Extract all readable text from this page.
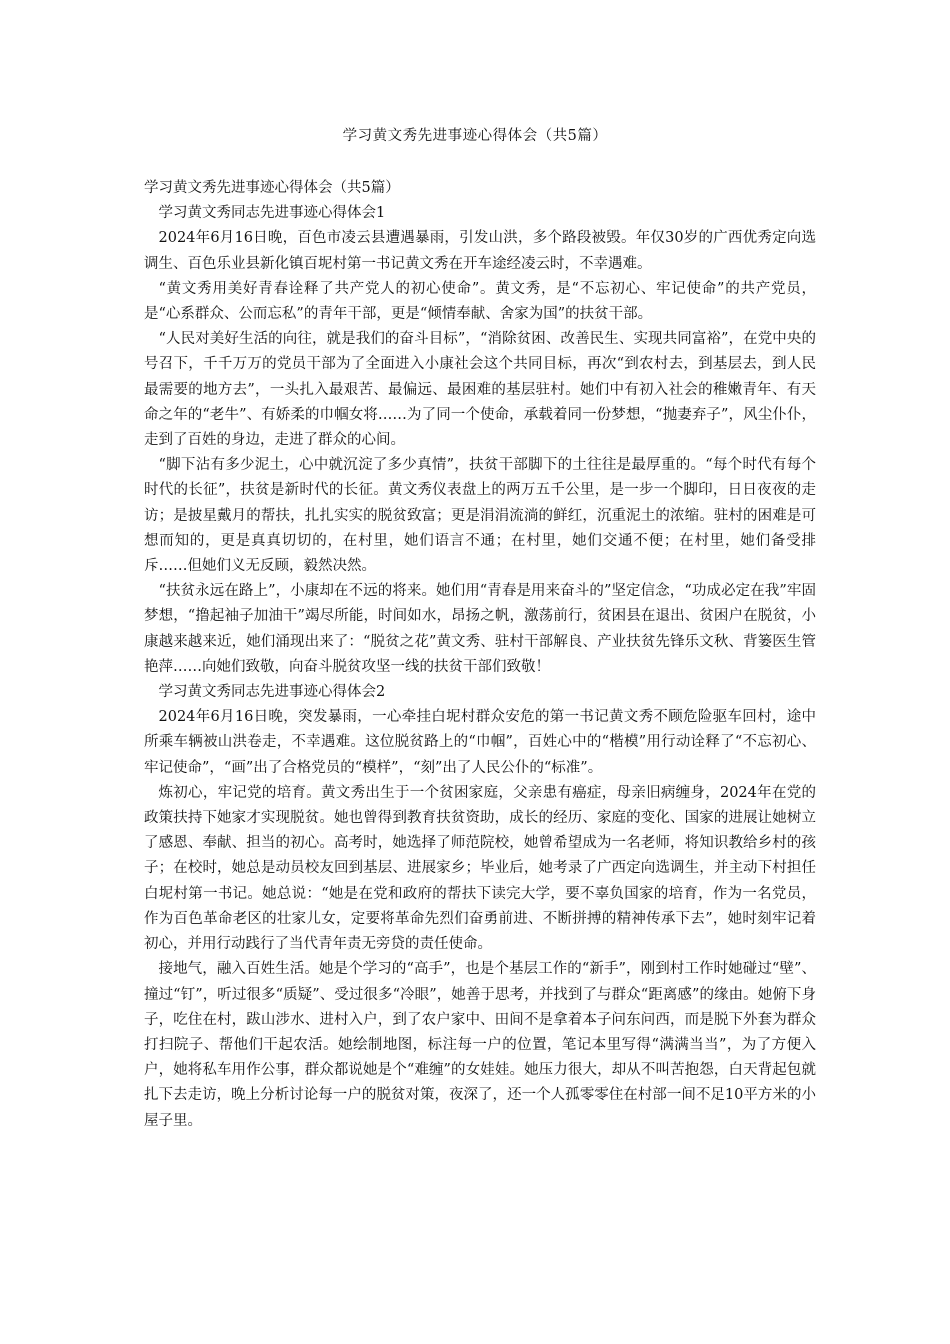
学习黄文秀先进事迹心得体会（共5篇）

学习黄文秀先进事迹心得体会（共5篇）

学习黄文秀同志先进事迹心得体会1

2024年6月16日晚，百色市凌云县遭遇暴雨，引发山洪，多个路段被毁。年仅30岁的广西优秀定向选调生、百色乐业县新化镇百坭村第一书记黄文秀在开车途经凌云时，不幸遇难。

“黄文秀用美好青春诠释了共产党人的初心使命”。黄文秀，是“不忘初心、牢记使命”的共产党员，是“心系群众、公而忘私”的青年干部，更是“倾情奉献、舍家为国”的扶贫干部。

“人民对美好生活的向往，就是我们的奋斗目标”，“消除贫困、改善民生、实现共同富裕”，在党中央的号召下，千千万万的党员干部为了全面进入小康社会这个共同目标，再次“到农村去，到基层去，到人民最需要的地方去”，一头扎入最艰苦、最偏远、最困难的基层驻村。她们中有初入社会的稚嫩青年、有天命之年的“老牛”、有娇柔的巾帼女将……为了同一个使命，承载着同一份梦想，“抛妻弃子”，风尘仆仆，走到了百姓的身边，走进了群众的心间。

“脚下沾有多少泥土，心中就沉淀了多少真情”，扶贫干部脚下的土往往是最厚重的。“每个时代有每个时代的长征”，扶贫是新时代的长征。黄文秀仪表盘上的两万五千公里，是一步一个脚印，日日夜夜的走访；是披星戴月的帮扶，扎扎实实的脱贫致富；更是涓涓流淌的鲜红，沉重泥土的浓缩。驻村的困难是可想而知的，更是真真切切的，在村里，她们语言不通；在村里，她们交通不便；在村里，她们备受排斥……但她们义无反顾，毅然决然。

“扶贫永远在路上”，小康却在不远的将来。她们用“青春是用来奋斗的”坚定信念，“功成必定在我”牢固梦想，“撸起袖子加油干”竭尽所能，时间如水，昂扬之帆，激荡前行，贫困县在退出、贫困户在脱贫，小康越来越来近，她们涌现出来了：“脱贫之花”黄文秀、驻村干部解良、产业扶贫先锋乐文秋、背篓医生管艳萍……向她们致敬，向奋斗脱贫攻坚一线的扶贫干部们致敬！

学习黄文秀同志先进事迹心得体会2

2024年6月16日晚，突发暴雨，一心牵挂白坭村群众安危的第一书记黄文秀不顾危险驱车回村，途中所乘车辆被山洪卷走，不幸遇难。这位脱贫路上的“巾帼”，百姓心中的“楷模”用行动诠释了“不忘初心、牢记使命”，“画”出了合格党员的“模样”，“刻”出了人民公仆的“标准”。

炼初心，牢记党的培育。黄文秀出生于一个贫困家庭，父亲患有癌症，母亲旧病缠身，2024年在党的政策扶持下她家才实现脱贫。她也曾得到教育扶贫资助，成长的经历、家庭的变化、国家的进展让她树立了感恩、奉献、担当的初心。高考时，她选择了师范院校，她曾希望成为一名老师，将知识教给乡村的孩子；在校时，她总是动员校友回到基层、进展家乡；毕业后，她考录了广西定向选调生，并主动下村担任白坭村第一书记。她总说：“她是在党和政府的帮扶下读完大学，要不辜负国家的培育，作为一名党员，作为百色革命老区的壮家儿女，定要将革命先烈们奋勇前进、不断拼搏的精神传承下去”，她时刻牢记着初心，并用行动践行了当代青年责无旁贷的责任使命。

接地气，融入百姓生活。她是个学习的“高手”，也是个基层工作的“新手”，刚到村工作时她碰过“壁”、撞过“钉”，听过很多“质疑”、受过很多“冷眼”，她善于思考，并找到了与群众“距离感”的缘由。她俯下身子，吃住在村，跋山涉水、进村入户，到了农户家中、田间不是拿着本子问东问西，而是脱下外套为群众打扫院子、帮他们干起农活。她绘制地图，标注每一户的位置，笔记本里写得“满满当当”，为了方便入户，她将私车用作公事，群众都说她是个“难缠”的女娃娃。她压力很大，却从不叫苦抱怨，白天背起包就扎下去走访，晚上分析讨论每一户的脱贫对策，夜深了，还一个人孤零零住在村部一间不足10平方米的小屋子里。
